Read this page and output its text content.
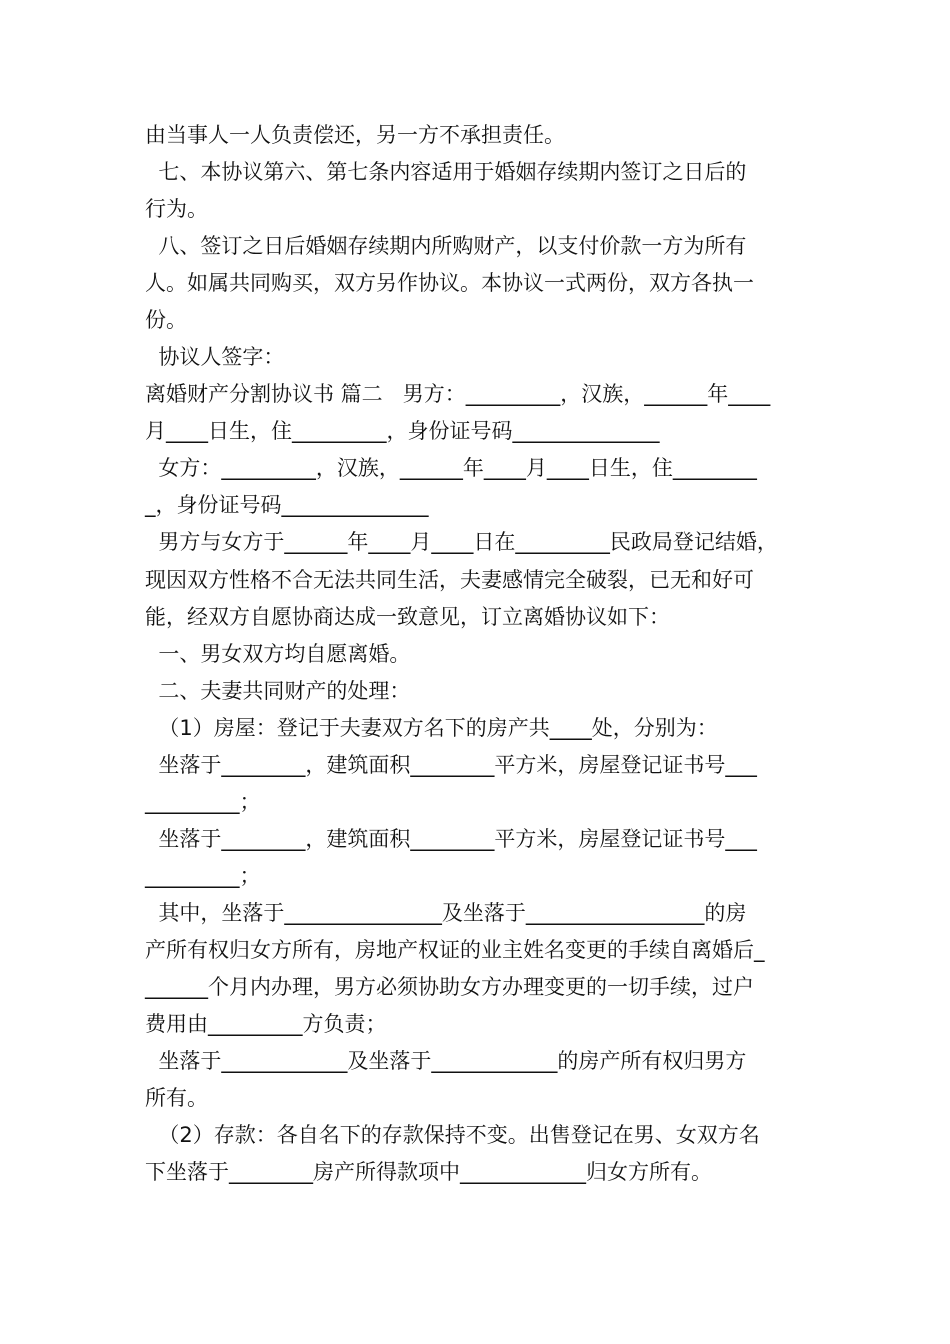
由当事人一人负责偿还，另一方不承担责任。
七、本协议第六、第七条内容适用于婚姻存续期内签订之日后的
行为。
八、签订之日后婚姻存续期内所购财产，以支付价款一方为所有
人。如属共同购买，双方另作协议。本协议一式两份，双方各执一
份。
协议人签字：
离婚财产分割协议书 篇二   男方：_________，汉族，______年____
月____日生，住_________，身份证号码______________
女方：_________，汉族，______年____月____日生，住________
_，身份证号码______________
男方与女方于______年____月____日在_________民政局登记结婚，
现因双方性格不合无法共同生活，夫妻感情完全破裂，已无和好可
能，经双方自愿协商达成一致意见，订立离婚协议如下：
一、男女双方均自愿离婚。
二、夫妻共同财产的处理：
（1）房屋：登记于夫妻双方名下的房产共____处，分别为：
坐落于________，建筑面积________平方米，房屋登记证书号___
_________；
坐落于________，建筑面积________平方米，房屋登记证书号___
_________；
其中，坐落于_______________及坐落于_________________的房
产所有权归女方所有，房地产权证的业主姓名变更的手续自离婚后_
______个月内办理，男方必须协助女方办理变更的一切手续，过户
费用由_________方负责；
坐落于____________及坐落于____________的房产所有权归男方
所有。
（2）存款：各自名下的存款保持不变。出售登记在男、女双方名
下坐落于________房产所得款项中____________归女方所有。
